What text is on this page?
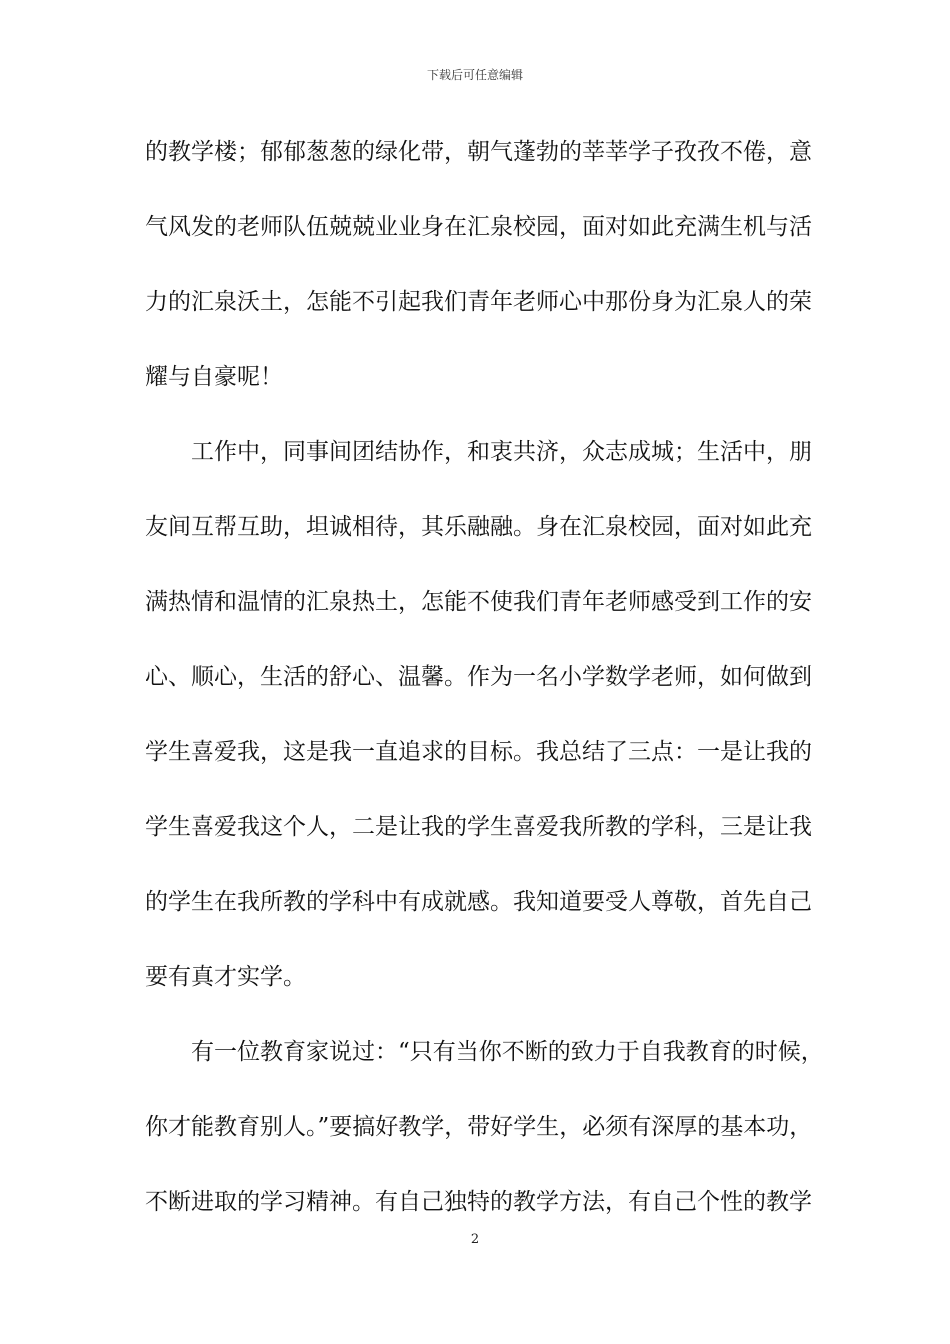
下载后可任意编辑
的教学楼；郁郁葱葱的绿化带，朝气蓬勃的莘莘学子孜孜不倦，意
气风发的老师队伍兢兢业业身在汇泉校园，面对如此充满生机与活
力的汇泉沃土，怎能不引起我们青年老师心中那份身为汇泉人的荣
耀与自豪呢！
工作中，同事间团结协作，和衷共济，众志成城；生活中，朋
友间互帮互助，坦诚相待，其乐融融。身在汇泉校园，面对如此充
满热情和温情的汇泉热土，怎能不使我们青年老师感受到工作的安
心、顺心，生活的舒心、温馨。作为一名小学数学老师，如何做到
学生喜爱我，这是我一直追求的目标。我总结了三点：一是让我的
学生喜爱我这个人，二是让我的学生喜爱我所教的学科，三是让我
的学生在我所教的学科中有成就感。我知道要受人尊敬，首先自己
要有真才实学。
有一位教育家说过：“只有当你不断的致力于自我教育的时候，
你才能教育别人。”要搞好教学，带好学生，必须有深厚的基本功，
不断进取的学习精神。有自己独特的教学方法，有自己个性的教学
2
